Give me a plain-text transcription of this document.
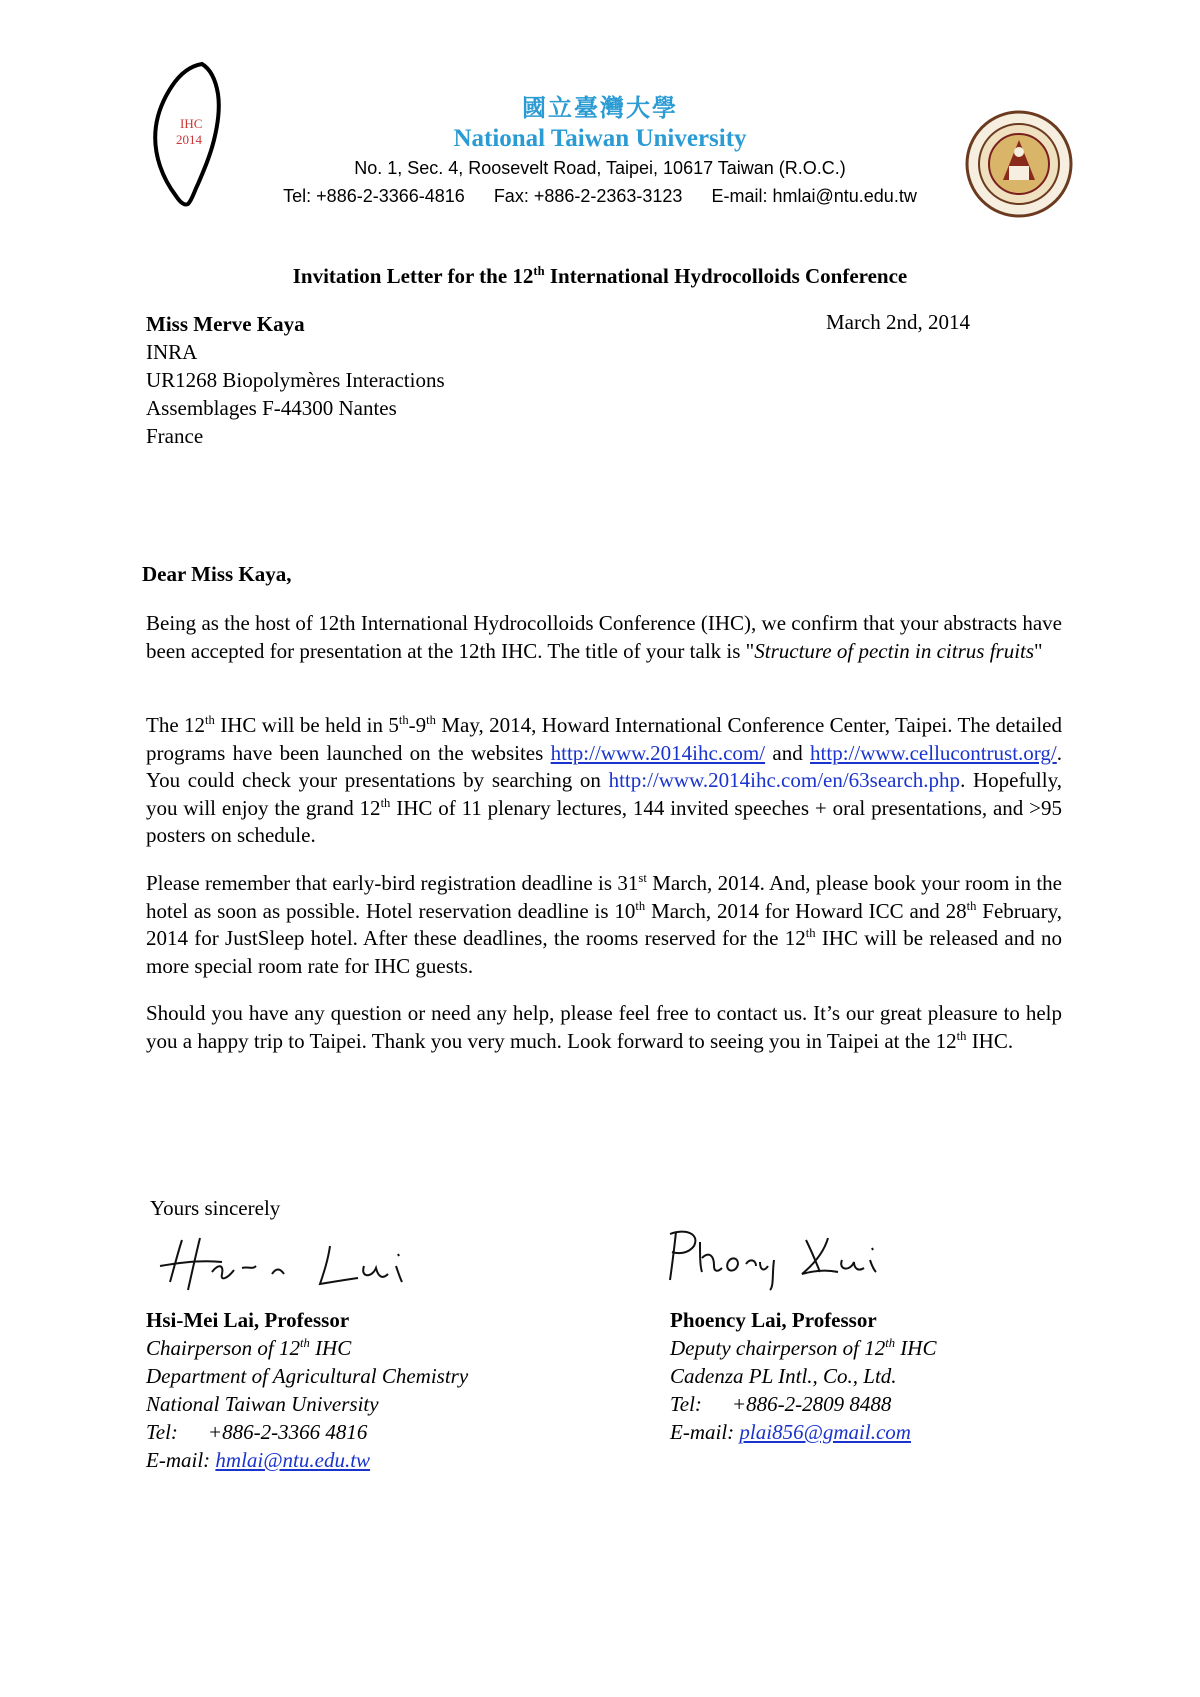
IHC
2014
國立臺灣大學
National Taiwan University
No. 1, Sec. 4, Roosevelt Road, Taipei, 10617 Taiwan (R.O.C.)
Tel: +886-2-3366-4816 Fax: +886-2-2363-3123 E-mail: hmlai@ntu.edu.tw
Invitation Letter for the 12th International Hydrocolloids Conference
Miss Merve Kaya
INRA
UR1268 Biopolymères Interactions
Assemblages F-44300 Nantes
France
March 2nd, 2014
Dear Miss Kaya,

Being as the host of 12th International Hydrocolloids Conference (IHC), we confirm that your abstracts have been accepted for presentation at the 12th IHC. The title of your talk is "Structure of pectin in citrus fruits"

The 12th IHC will be held in 5th-9th May, 2014, Howard International Conference Center, Taipei. The detailed programs have been launched on the websites http://www.2014ihc.com/ and http://www.cellucontrust.org/. You could check your presentations by searching on http://www.2014ihc.com/en/63search.php. Hopefully, you will enjoy the grand 12th IHC of 11 plenary lectures, 144 invited speeches + oral presentations, and >95 posters on schedule.

Please remember that early-bird registration deadline is 31st March, 2014. And, please book your room in the hotel as soon as possible. Hotel reservation deadline is 10th March, 2014 for Howard ICC and 28th February, 2014 for JustSleep hotel. After these deadlines, the rooms reserved for the 12th IHC will be released and no more special room rate for IHC guests.

Should you have any question or need any help, please feel free to contact us. It’s our great pleasure to help you a happy trip to Taipei. Thank you very much. Look forward to seeing you in Taipei at the 12th IHC.

Yours sincerely
Hsi-Mei Lai, Professor
Chairperson of 12th IHC
Department of Agricultural Chemistry
National Taiwan University
Tel: +886-2-3366 4816
E-mail: hmlai@ntu.edu.tw
Phoency Lai, Professor
Deputy chairperson of 12th IHC
Cadenza PL Intl., Co., Ltd.
Tel: +886-2-2809 8488
E-mail: plai856@gmail.com
